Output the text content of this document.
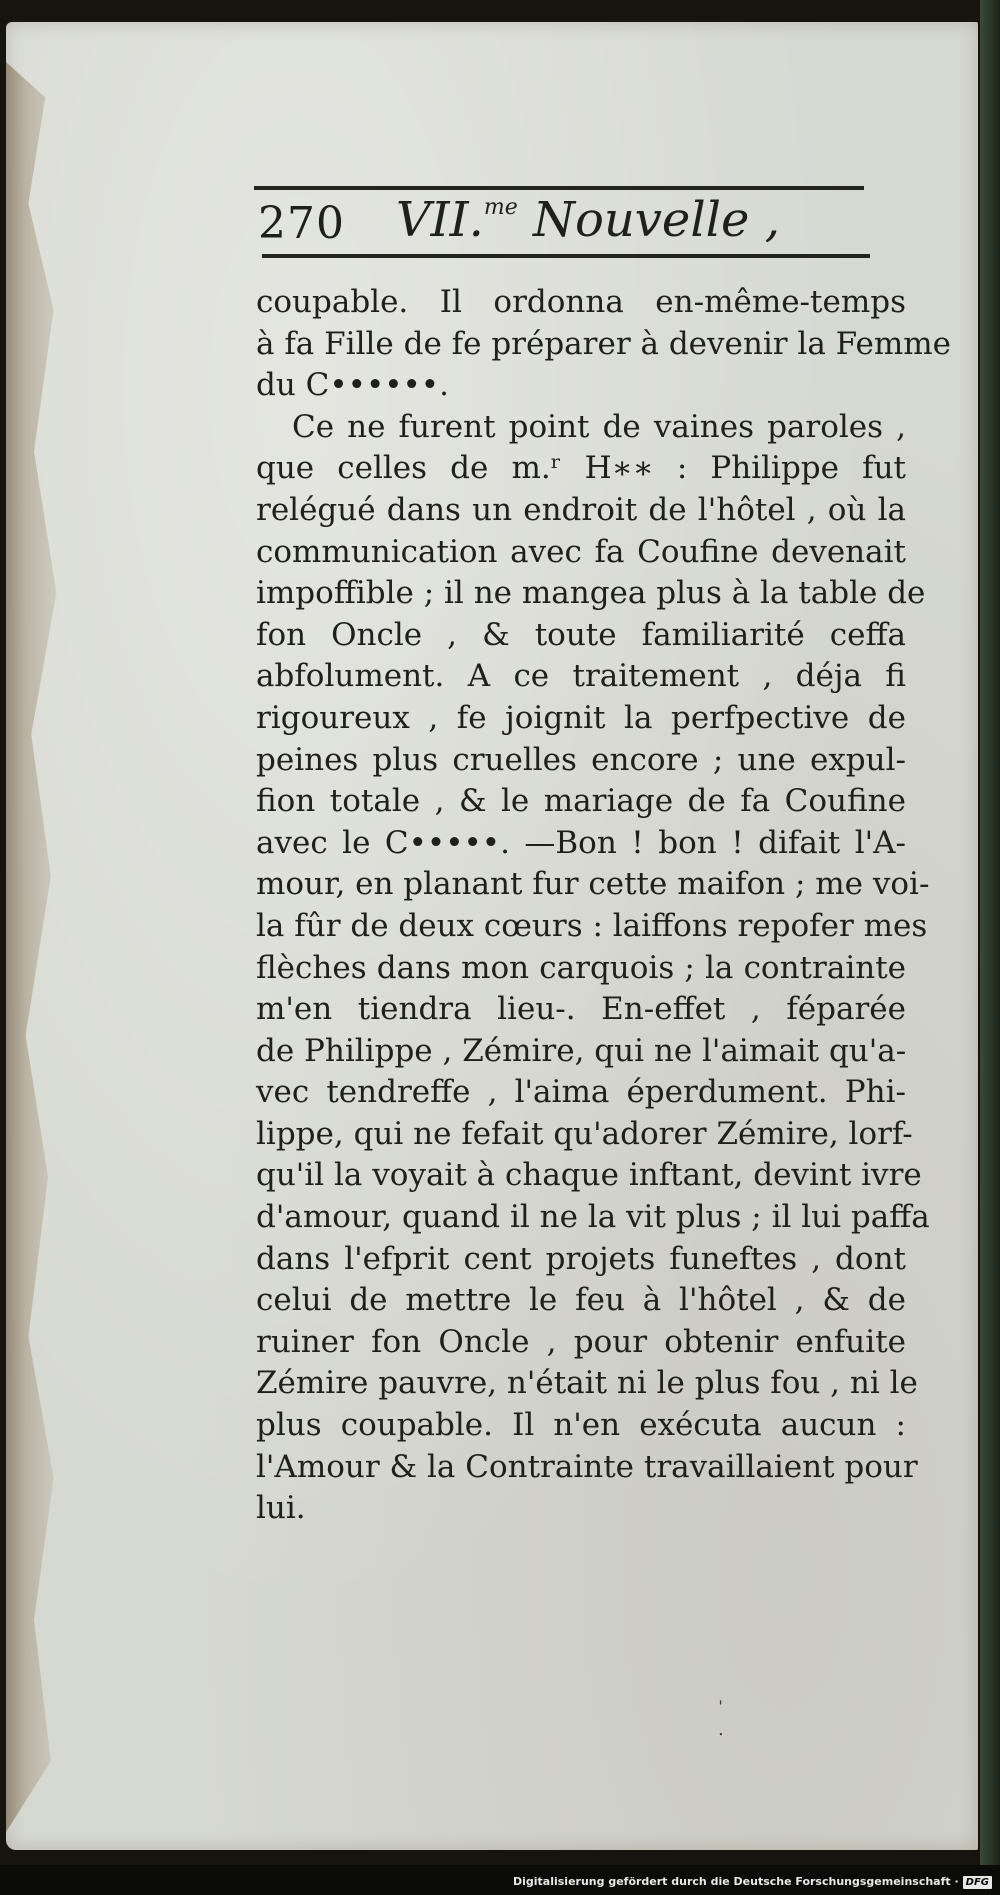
270 VII.$^{me}$ Nouvelle ,
coupable. Il ordonna en-même-temps
à fa Fille de fe préparer à devenir la Femme
du C••••••.
Ce ne furent point de vaines paroles ,
que celles de m.ʳ H∗∗ : Philippe fut
relégué dans un endroit de l'hôtel , où la
communication avec fa Coufine devenait
impoffible ; il ne mangea plus à la table de
fon Oncle , & toute familiarité ceffa
abfolument. A ce traitement , déja fi
rigoureux , fe joignit la perfpective de
peines plus cruelles encore ; une expul-
fion totale , & le mariage de fa Coufine
avec le C•••••. —Bon ! bon ! difait l'A-
mour, en planant fur cette maifon ; me voi-
la fûr de deux cœurs : laiffons repofer mes
flèches dans mon carquois ; la contrainte
m'en tiendra lieu-. En-effet , féparée
de Philippe , Zémire, qui ne l'aimait qu'a-
vec tendreffe , l'aima éperdument. Phi-
lippe, qui ne fefait qu'adorer Zémire, lorf-
qu'il la voyait à chaque inftant, devint ivre
d'amour, quand il ne la vit plus ; il lui paffa
dans l'efprit cent projets funeftes , dont
celui de mettre le feu à l'hôtel , & de
ruiner fon Oncle , pour obtenir enfuite
Zémire pauvre, n'était ni le plus fou , ni le
plus coupable. Il n'en exécuta aucun :
l'Amour & la Contrainte travaillaient pour
lui.
ˈ
.
Digitalisierung gefördert durch die Deutsche Forschungsgemeinschaft · DFG
